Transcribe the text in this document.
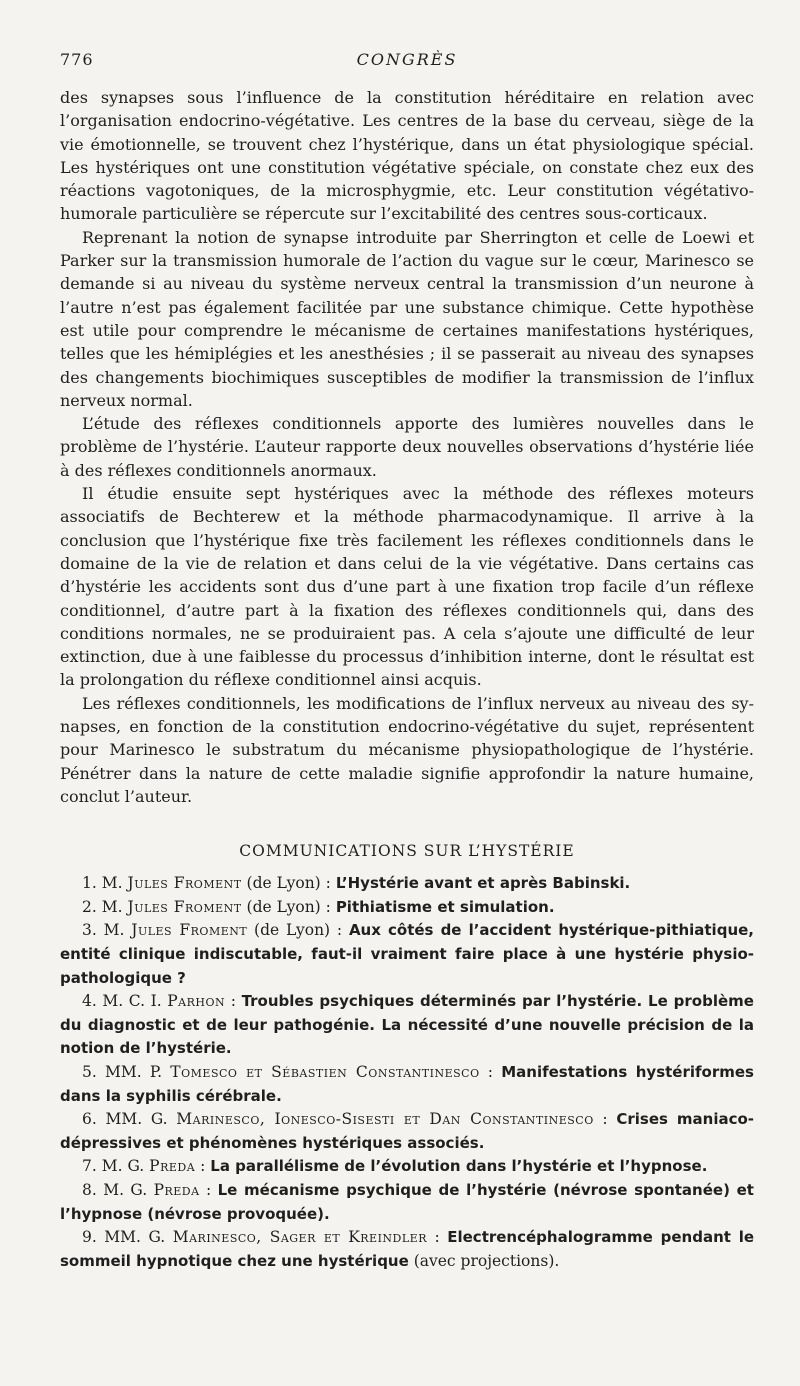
776	CONGRÈS

des synapses sous l’influence de la constitution héréditaire en relation avec l’organisation endocrino-végétative. Les centres de la base du cerveau, siège de la vie émotionnelle, se trouvent chez l’hystérique, dans un état physiologique spécial. Les hystériques ont une constitution végétative spéciale, on constate chez eux des réactions vagotoniques, de la microsphygmie, etc. Leur constitution végétativo-humorale particulière se répercute sur l’excitabilité des centres sous-corticaux.

Reprenant la notion de synapse introduite par Sherrington et celle de Loewi et Parker sur la transmission humorale de l’action du vague sur le cœur, Marinesco se demande si au niveau du système nerveux central la transmission d’un neurone à l’autre n’est pas également facilitée par une substance chimique. Cette hypothèse est utile pour comprendre le mécanisme de certaines manifestations hystériques, telles que les hémiplégies et les anesthésies ; il se passerait au niveau des synapses des changements biochimiques susceptibles de modifier la transmission de l’influx nerveux normal.

L’étude des réflexes conditionnels apporte des lumières nouvelles dans le problème de l’hystérie. L’auteur rapporte deux nouvelles observations d’hystérie liée à des réflexes conditionnels anormaux.

Il étudie ensuite sept hystériques avec la méthode des réflexes moteurs associatifs de Bechterew et la méthode pharmacodynamique. Il arrive à la conclusion que l’hystérique fixe très facilement les réflexes conditionnels dans le domaine de la vie de relation et dans celui de la vie végétative. Dans certains cas d’hystérie les accidents sont dus d’une part à une fixation trop facile d’un réflexe conditionnel, d’autre part à la fixation des réflexes conditionnels qui, dans des conditions normales, ne se produiraient pas. A cela s’ajoute une difficulté de leur extinction, due à une faiblesse du processus d’inhibition interne, dont le résultat est la prolongation du réflexe conditionnel ainsi acquis.

Les réflexes conditionnels, les modifications de l’influx nerveux au niveau des synapses, en fonction de la constitution endocrino-végétative du sujet, représentent pour Marinesco le substratum du mécanisme physiopathologique de l’hystérie. Pénétrer dans la nature de cette maladie signifie approfondir la nature humaine, conclut l’auteur.

COMMUNICATIONS SUR L’HYSTÉRIE

1. M. Jules Froment (de Lyon) : L’Hystérie avant et après Babinski.

2. M. Jules Froment (de Lyon) : Pithiatisme et simulation.

3. M. Jules Froment (de Lyon) : Aux côtés de l’accident hystérique-pithiatique, entité clinique indiscutable, faut-il vraiment faire place à une hystérie physio-pathologique ?

4. M. C. I. Parhon : Troubles psychiques déterminés par l’hystérie. Le problème du diagnostic et de leur pathogénie. La nécessité d’une nouvelle précision de la notion de l’hystérie.

5. MM. P. Tomesco et Sébastien Constantinesco : Manifestations hystériformes dans la syphilis cérébrale.

6. MM. G. Marinesco, Ionesco-Sisesti et Dan Constantinesco : Crises maniaco-dépressives et phénomènes hystériques associés.

7. M. G. Preda : La parallélisme de l’évolution dans l’hystérie et l’hypnose.

8. M. G. Preda : Le mécanisme psychique de l’hystérie (névrose spontanée) et l’hypnose (névrose provoquée).

9. MM. G. Marinesco, Sager et Kreindler : Electrencéphalogramme pendant le sommeil hypnotique chez une hystérique (avec projections).
